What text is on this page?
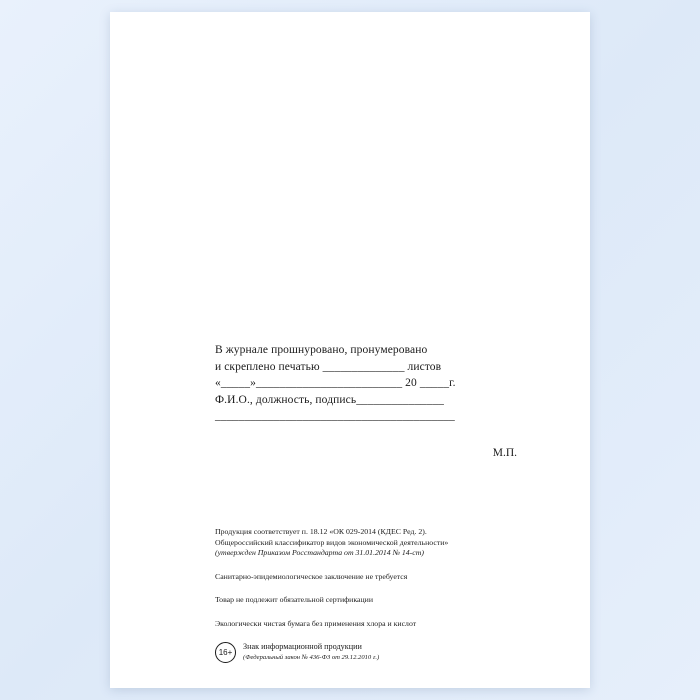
В журнале прошнуровано, пронумеровано
и скреплено печатью ______________ листов
«_____»_________________________ 20 _____г.
Ф.И.О., должность, подпись_______________
_________________________________________
М.П.
Продукция соответствует п. 18.12 «ОК 029-2014 (КДЕС Ред. 2).
Общероссийский классификатор видов экономической деятельности»
(утвержден Приказом Росстандарта от 31.01.2014 № 14-ст)
Санитарно-эпидемиологическое заключение не требуется
Товар не подлежит обязательной сертификации
Экологически чистая бумага без применения хлора и кислот
16+
Знак информационной продукции
(Федеральный закон № 436-ФЗ от 29.12.2010 г.)
